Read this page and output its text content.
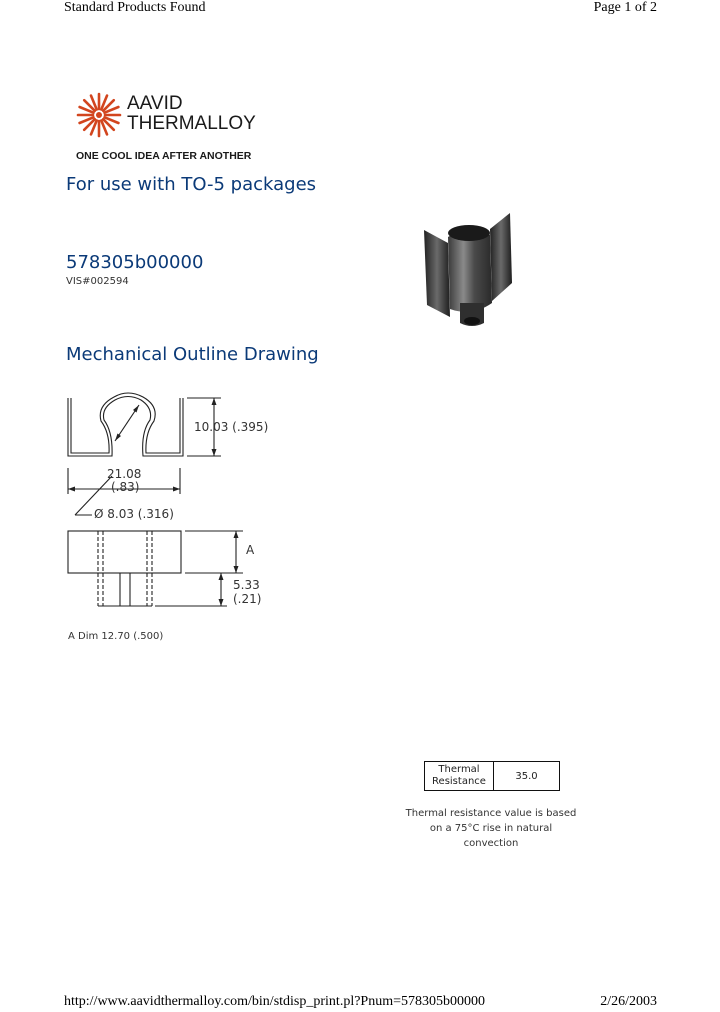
Standard Products Found	Page 1 of 2
AAVID
THERMALLOY
ONE COOL IDEA AFTER ANOTHER
For use with TO-5 packages
578305b00000
VIS#002594
Mechanical Outline Drawing
10.03 (.395)
21.08
(.83)
Ø 8.03 (.316)
A
5.33
(.21)
A Dim 12.70 (.500)
Thermal
Resistance	35.0
Thermal resistance value is based
on a 75°C rise in natural
convection
http://www.aavidthermalloy.com/bin/stdisp_print.pl?Pnum=578305b00000	2/26/2003
